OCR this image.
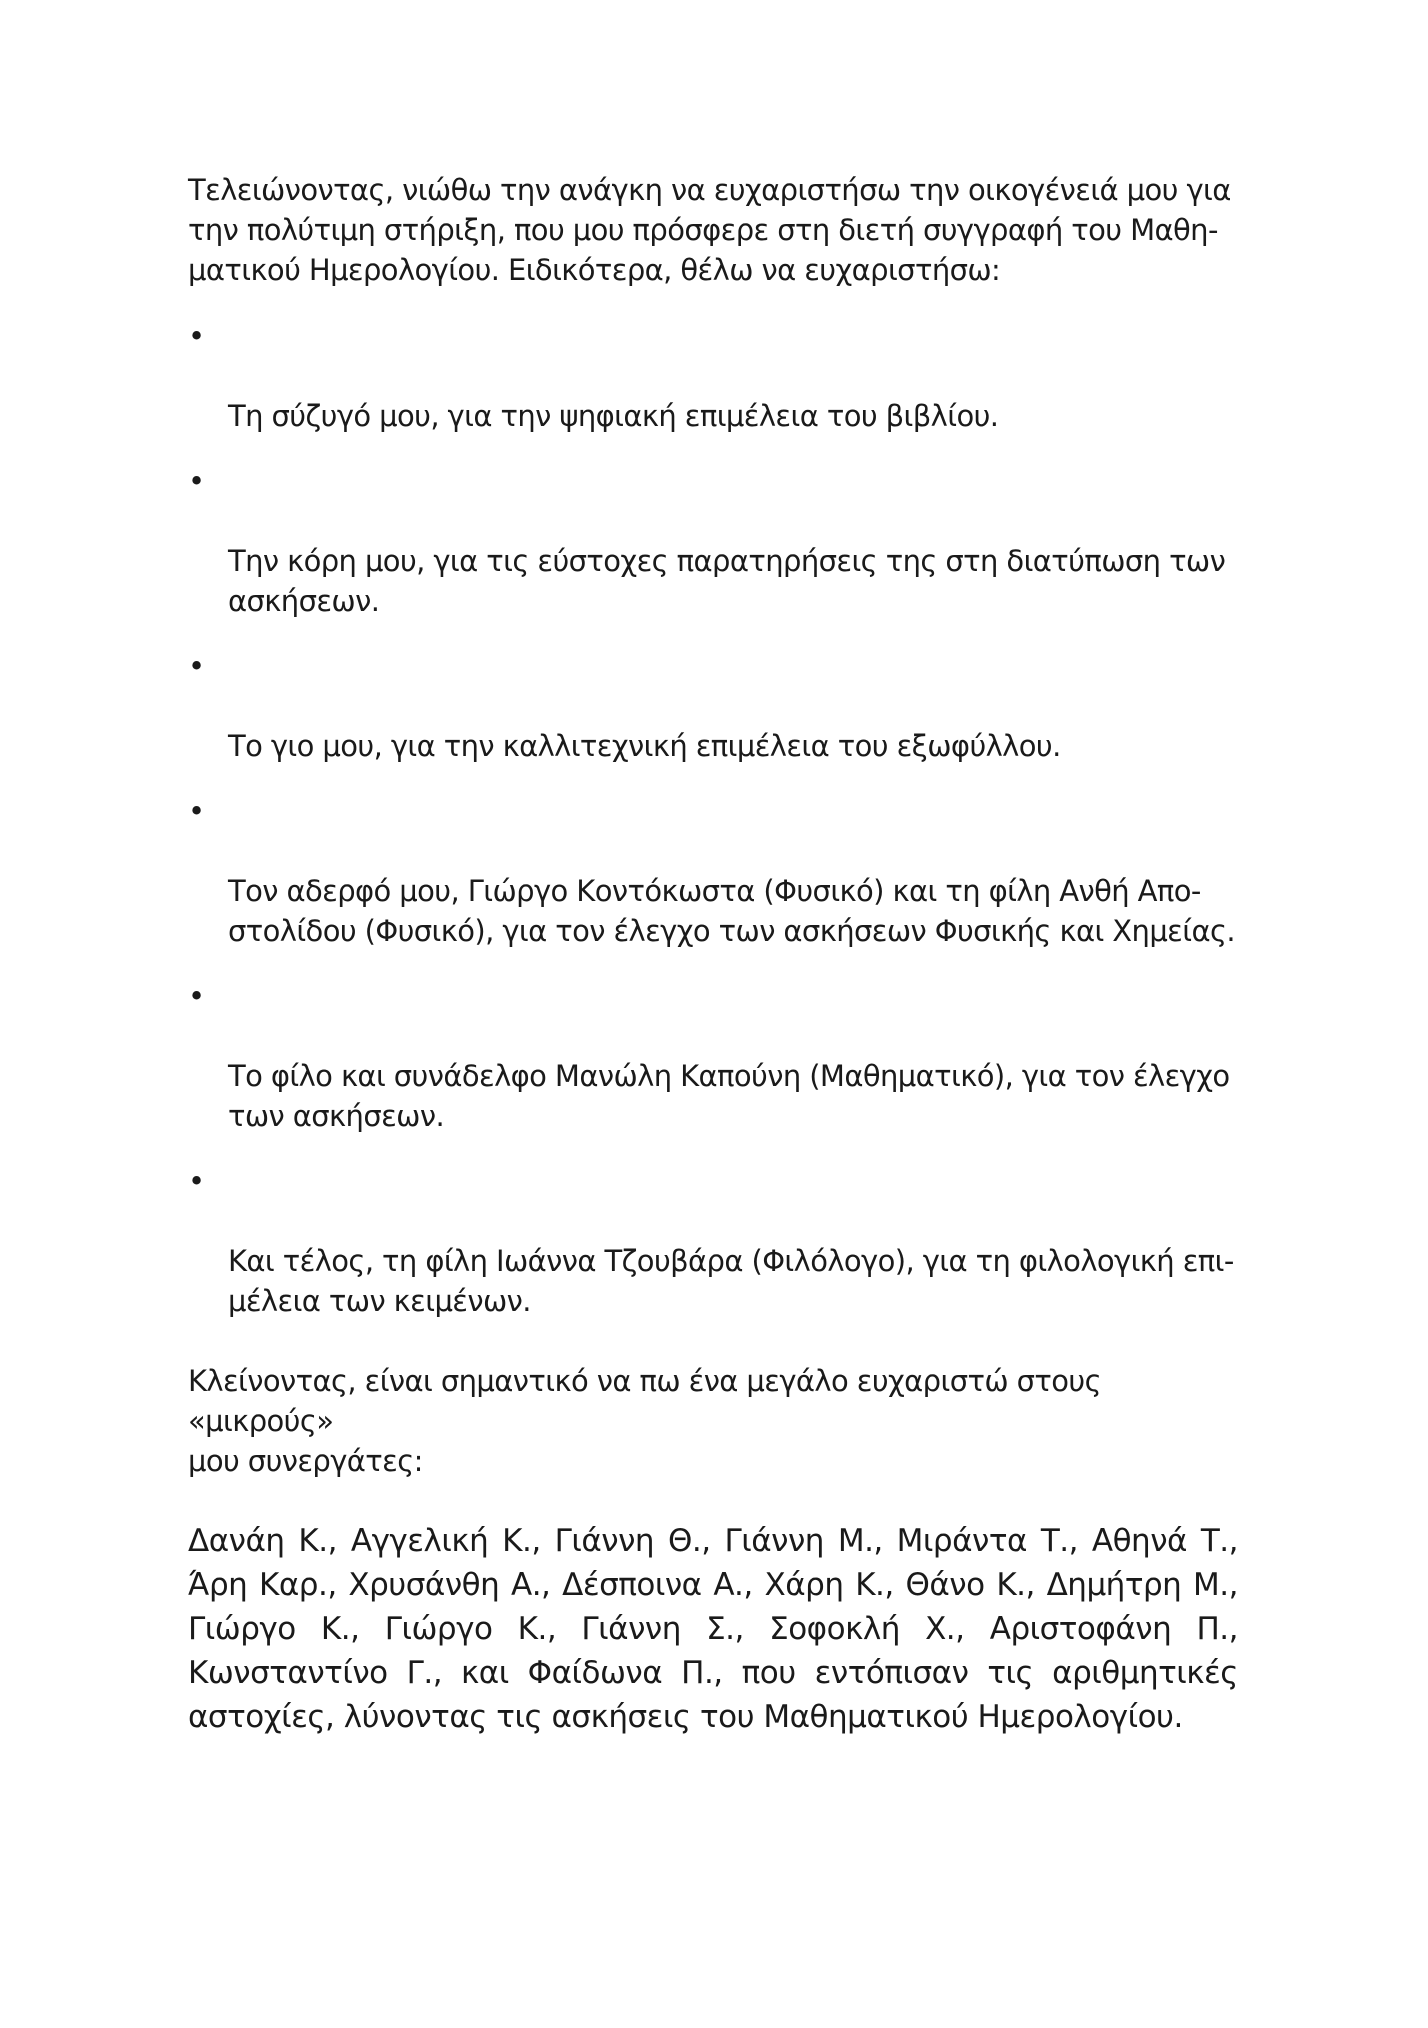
Τελειώνοντας, νιώθω την ανάγκη να ευχαριστήσω την οικογένειά μου για
την πολύτιμη στήριξη, που μου πρόσφερε στη διετή συγγραφή του Μαθη-
ματικού Ημερολογίου. Ειδικότερα, θέλω να ευχαριστήσω:

•

Τη σύζυγό μου, για την ψηφιακή επιμέλεια του βιβλίου.

•

Την κόρη μου, για τις εύστοχες παρατηρήσεις της στη διατύπωση των
ασκήσεων.

•

Το γιο μου, για την καλλιτεχνική επιμέλεια του εξωφύλλου.

•

Τον αδερφό μου, Γιώργο Κοντόκωστα (Φυσικό) και τη φίλη Ανθή Απο-
στολίδου (Φυσικό), για τον έλεγχο των ασκήσεων Φυσικής και Χημείας.

•

Το φίλο και συνάδελφο Μανώλη Καπούνη (Μαθηματικό), για τον έλεγχο
των ασκήσεων.

•

Και τέλος, τη φίλη Ιωάννα Τζουβάρα (Φιλόλογο), για τη φιλολογική επι-
μέλεια των κειμένων.

Κλείνοντας, είναι σημαντικό να πω ένα μεγάλο ευχαριστώ στους «μικρούς»
μου συνεργάτες:

Δανάη Κ., Αγγελική Κ., Γιάννη Θ., Γιάννη Μ., Μιράντα Τ., Αθηνά Τ., Άρη Καρ., Χρυσάνθη Α., Δέσποινα Α., Χάρη Κ., Θάνο Κ., Δημήτρη Μ., Γιώργο Κ., Γιώργο Κ., Γιάννη Σ., Σοφοκλή Χ., Αριστοφάνη Π., Κωνσταντίνο Γ., και Φαίδωνα Π., που εντόπισαν τις αριθμητικές αστοχίες, λύνοντας τις ασκήσεις του Μαθηματικού Ημερολογίου.
